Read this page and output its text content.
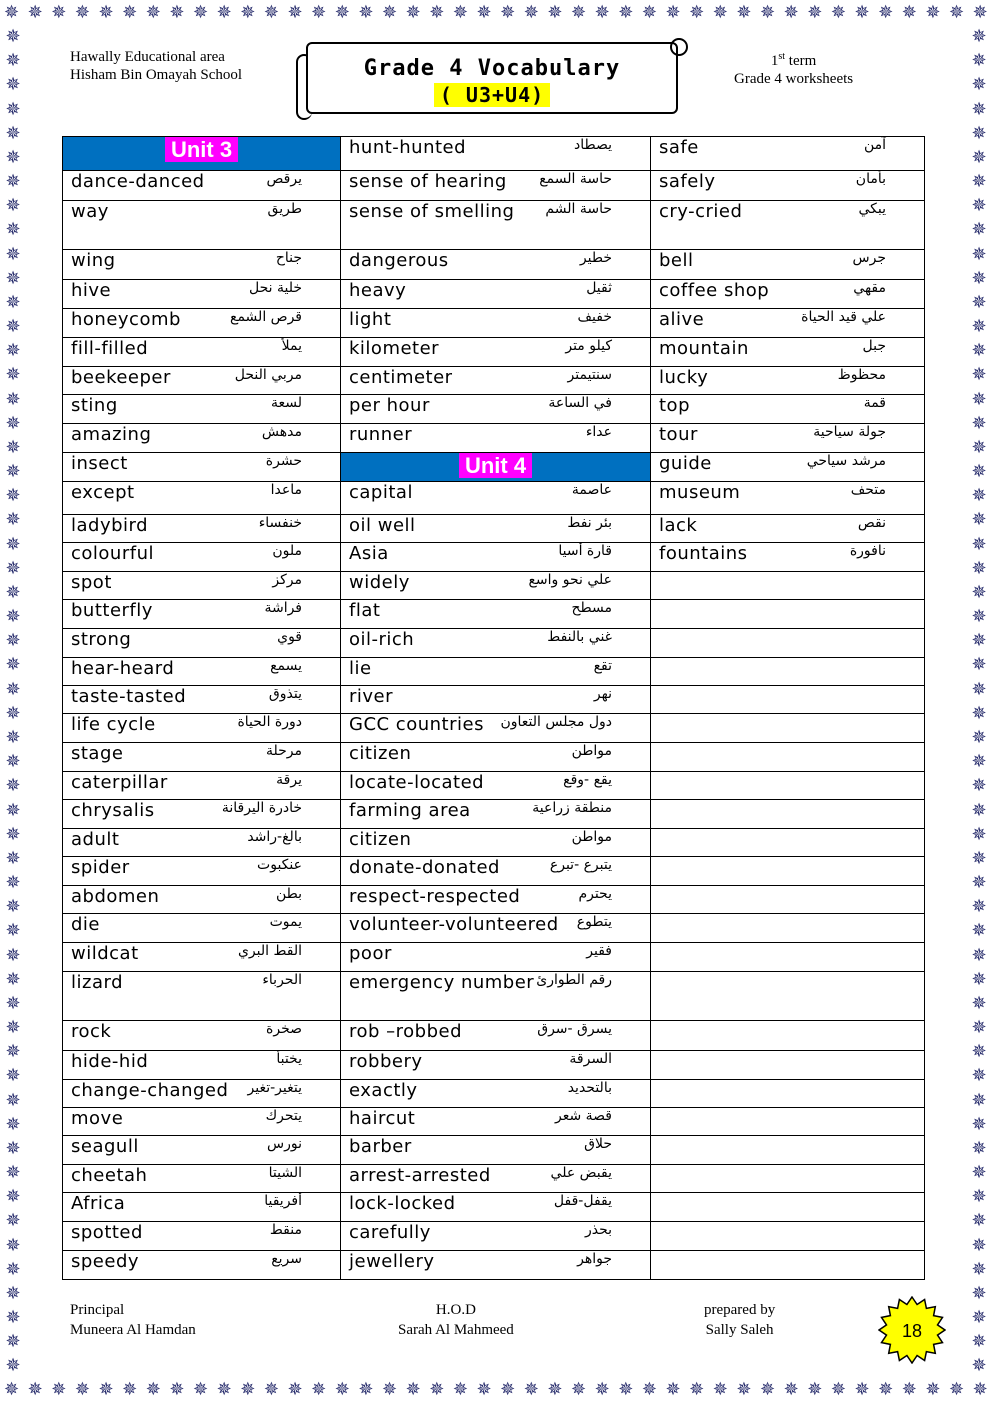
✵ ✵ ✵ ✵ ✵ ✵ ✵ ✵ ✵ ✵ ✵ ✵ ✵ ✵ ✵ ✵ ✵ ✵ ✵ ✵ ✵ ✵ ✵ ✵ ✵ ✵ ✵ ✵ ✵ ✵ ✵ ✵ ✵ ✵ ✵ ✵ ✵ ✵ ✵ ✵ ✵ ✵
✵ ✵ ✵ ✵ ✵ ✵ ✵ ✵ ✵ ✵ ✵ ✵ ✵ ✵ ✵ ✵ ✵ ✵ ✵ ✵ ✵ ✵ ✵ ✵ ✵ ✵ ✵ ✵ ✵ ✵ ✵ ✵ ✵ ✵ ✵ ✵ ✵ ✵ ✵ ✵ ✵ ✵
✵
✵
✵
✵
✵
✵
✵
✵
✵
✵
✵
✵
✵
✵
✵
✵
✵
✵
✵
✵
✵
✵
✵
✵
✵
✵
✵
✵
✵
✵
✵
✵
✵
✵
✵
✵
✵
✵
✵
✵
✵
✵
✵
✵
✵
✵
✵
✵
✵
✵
✵
✵
✵
✵
✵
✵
✵
✵
✵
✵
✵
✵
✵
✵
✵
✵
✵
✵
✵
✵
✵
✵
✵
✵
✵
✵
✵
✵
✵
✵
✵
✵
✵
✵
✵
✵
✵
✵
✵
✵
✵
✵
✵
✵
✵
✵
✵
✵
✵
✵
✵
✵
✵
✵
✵
✵
✵
✵
✵
✵
✵
✵
Hawally Educational area
Hisham Bin Omayah School	Grade 4 Vocabulary
( U3+U4)
1st term
Grade 4 worksheets
Unit 3	hunt-hunted يصطاد	safe آمن

dance-danced يرقص	sense of hearing حاسة السمع	safely بأمان

way طريق	sense of smelling حاسة الشم	cry-cried يبكي

wing جناح	dangerous خطير	bell جرس

hive خلية نحل	heavy ثقيل	coffee shop مقهي

honeycomb قرص الشمع	light خفيف	alive علي قيد الحياة

fill-filled يملأ	kilometer كيلو متر	mountain جبل

beekeeper مربي النحل	centimeter سنتيمتر	lucky محظوظ

sting لسعة	per hour في الساعة	top قمة

amazing مدهش	runner عداء	tour جولة سياحية

insect حشرة	Unit 4	guide مرشد سياحي

except ماعدا	capital عاصمة	museum متحف

ladybird خنفساء	oil well بئر نفط	lack نقص

colourful ملون	Asia قارة أسيا	fountains نافورة

spot مركز	widely علي نحو واسع	

butterfly فراشة	flat مسطح	

strong قوي	oil-rich غني بالنفط	

hear-heard يسمع	lie تقع	

taste-tasted يتذوق	river نهر	

life cycle دورة الحياة	GCC countries دول مجلس التعاون	

stage مرحلة	citizen مواطن	

caterpillar يرقة	locate-located يقع -وقع	

chrysalis خادرة اليرقانة	farming area منطقة زراعية	

adult بالغ-راشد	citizen مواطن	

spider عنكبوت	donate-donated يتبرع -تبرع	

abdomen بطن	respect-respected يحترم	

die يموت	volunteer-volunteered يتطوع	

wildcat القط البري	poor فقير	

lizard الحرباء	emergency number رقم الطوارئ	

rock صخرة	rob –robbed يسرق -سرق	

hide-hid يختبأ	robbery السرقة	

change-changed يتغير-تغير	exactly بالتحديد	

move يتحرك	haircut قصة شعر	

seagull نورس	barber حلاق	

cheetah الشيتا	arrest-arrested يقبض علي	

Africa أفريقيا	lock-locked يقفل-قفل	

spotted منقط	carefully بحذر	

speedy سريع	jewellery جواهر	

Principal
Muneera Al Hamdan
H.O.D
Sarah Al Mahmeed
prepared by
Sally Saleh	18
